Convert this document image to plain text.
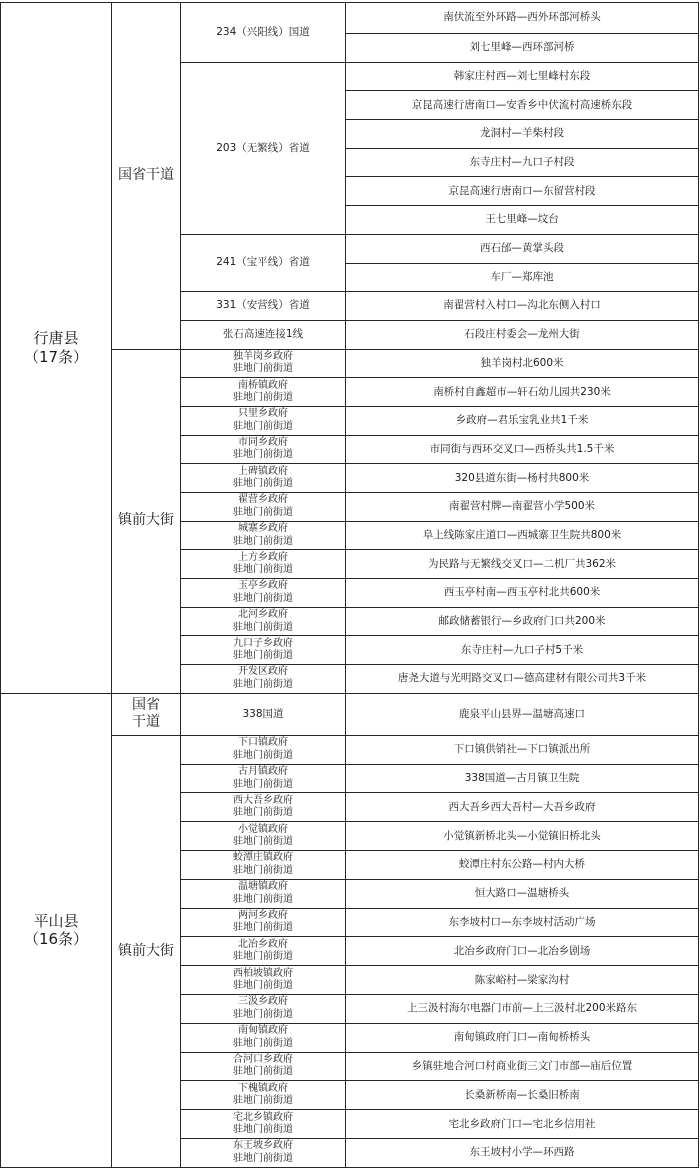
行唐县
（17条）	国省干道	234（兴阳线）国道	南伏流至外环路—西外环部河桥头
			刘七里峰—西环部河桥
		203（无繁线）省道	韩家庄村西—刘七里峰村东段
			京昆高速行唐南口—安香乡中伏流村高速桥东段
			龙洞村—羊柴村段
			东寺庄村—九口子村段
			京昆高速行唐南口—东留营村段
			王七里峰—坟台
		241（宝平线）省道	西石邰—黄掌头段
			车厂—郑库池
		331（安营线）省道	南翟营村入村口—沟北东侧入村口
		张石高速连接1线	石段庄村委会—龙州大街
	镇前大街	独羊岗乡政府
驻地门前街道	独羊岗村北600米

		南桥镇政府
驻地门前街道	南桥村自鑫超市—轩石幼儿园共230米

		只里乡政府
驻地门前街道	乡政府—君乐宝乳业共1千米

		市同乡政府
驻地门前街道	市同街与西环交叉口—西桥头共1.5千米

		上碑镇政府
驻地门前街道	320县道东街—杨村共800米

		翟营乡政府
驻地门前街道	南翟营村牌—南翟营小学500米

		城寨乡政府
驻地门前街道	阜上线陈家庄道口—西城寨卫生院共800米

		上方乡政府
驻地门前街道	为民路与无繁线交叉口—二机厂共362米

		玉亭乡政府
驻地门前街道	西玉亭村南—西玉亭村北共600米

		北河乡政府
驻地门前街道	邮政储蓄银行—乡政府门口共200米

		九口子乡政府
驻地门前街道	东寺庄村—九口子村5千米

		开发区政府
驻地门前街道	唐尧大道与光明路交叉口—德高建材有限公司共3千米

平山县
（16条）	国省干道	338国道	鹿泉平山县界—温塘高速口
	镇前大街	下口镇政府
驻地门前街道	下口镇供销社—下口镇派出所

		古月镇政府
驻地门前街道	338国道—古月镇卫生院

		西大吾乡政府
驻地门前街道	西大吾乡西大吾村—大吾乡政府

		小觉镇政府
驻地门前街道	小觉镇新桥北头—小觉镇旧桥北头

		蛟潭庄镇政府
驻地门前街道	蛟潭庄村东公路—村内大桥

		温塘镇政府
驻地门前街道	恒大路口—温塘桥头

		两河乡政府
驻地门前街道	东李坡村口—东李坡村活动广场

		北冶乡政府
驻地门前街道	北冶乡政府门口—北冶乡剧场

		西柏坡镇政府
驻地门前街道	陈家峪村—梁家沟村

		三汲乡政府
驻地门前街道	上三汲村海尔电器门市前—上三汲村北200米路东

		南甸镇政府
驻地门前街道	南甸镇政府门口—南甸桥桥头

		合河口乡政府
驻地门前街道	乡镇驻地合河口村商业街三文门市部—庙后位置

		下槐镇政府
驻地门前街道	长桑新桥南—长桑旧桥南

		宅北乡镇政府
驻地门前街道	宅北乡政府门口—宅北乡信用社

		东王坡乡政府
驻地门前街道	东王坡村小学—环西路
